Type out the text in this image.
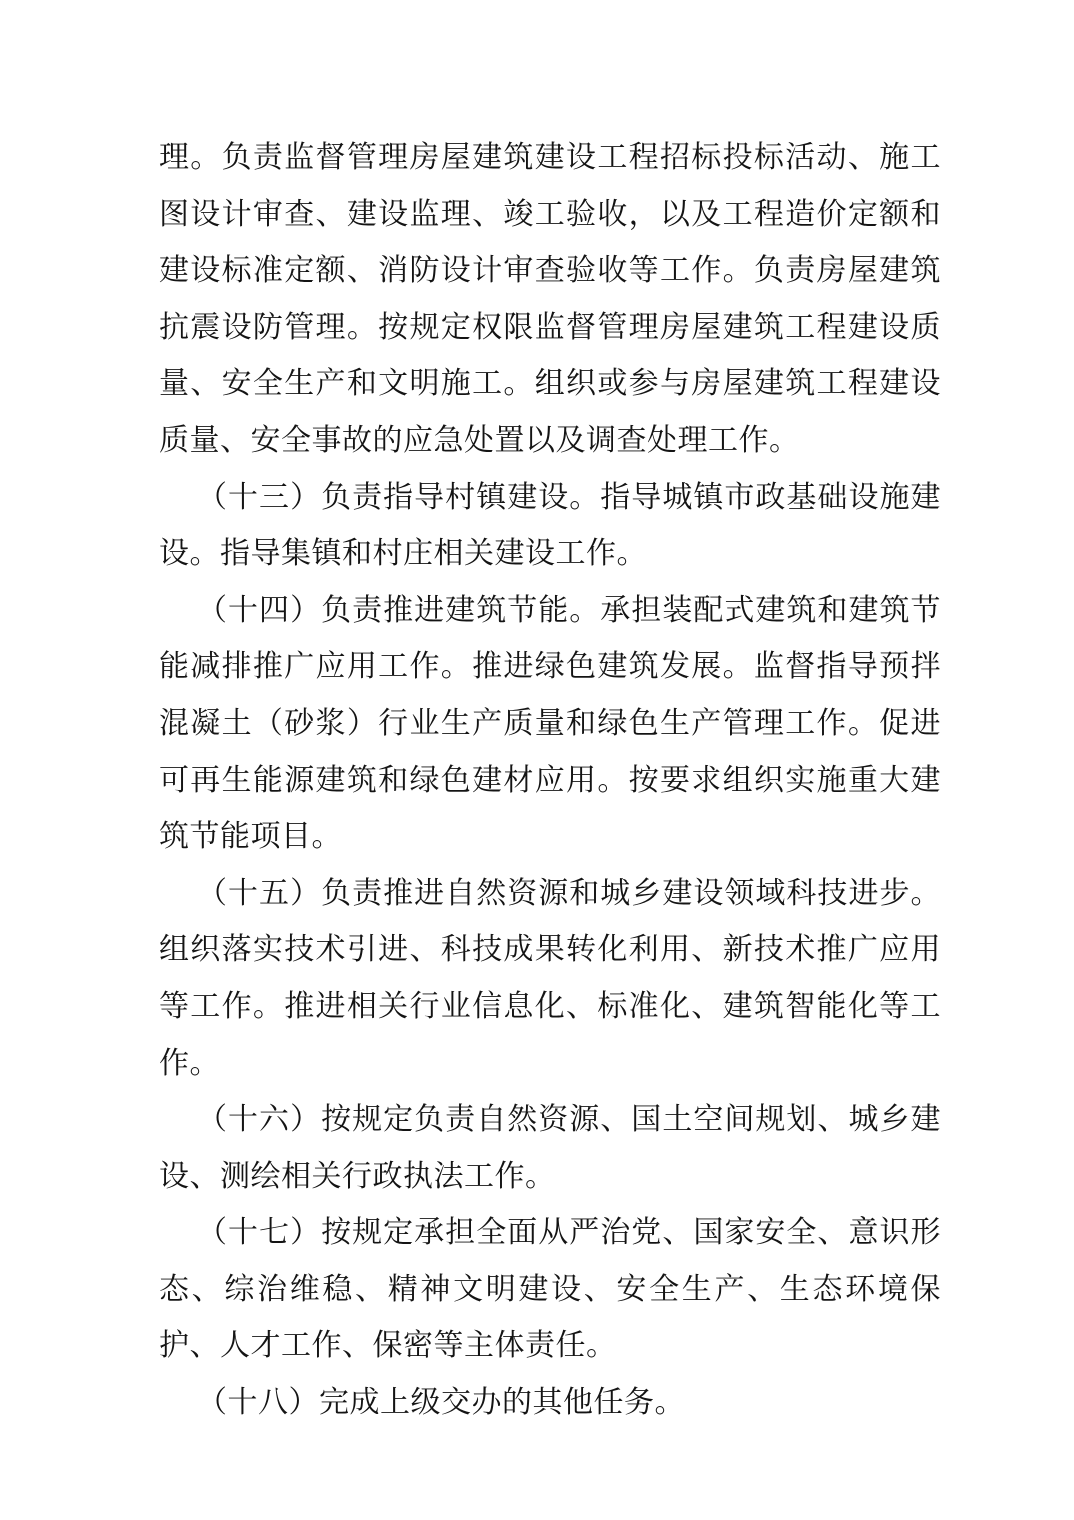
理。负责监督管理房屋建筑建设工程招标投标活动、施工图设计审查、建设监理、竣工验收，以及工程造价定额和建设标准定额、消防设计审查验收等工作。负责房屋建筑抗震设防管理。按规定权限监督管理房屋建筑工程建设质量、安全生产和文明施工。组织或参与房屋建筑工程建设质量、安全事故的应急处置以及调查处理工作。

（十三）负责指导村镇建设。指导城镇市政基础设施建设。指导集镇和村庄相关建设工作。

（十四）负责推进建筑节能。承担装配式建筑和建筑节能减排推广应用工作。推进绿色建筑发展。监督指导预拌混凝土（砂浆）行业生产质量和绿色生产管理工作。促进可再生能源建筑和绿色建材应用。按要求组织实施重大建筑节能项目。

（十五）负责推进自然资源和城乡建设领域科技进步。组织落实技术引进、科技成果转化利用、新技术推广应用等工作。推进相关行业信息化、标准化、建筑智能化等工作。

（十六）按规定负责自然资源、国土空间规划、城乡建设、测绘相关行政执法工作。

（十七）按规定承担全面从严治党、国家安全、意识形态、综治维稳、精神文明建设、安全生产、生态环境保护、人才工作、保密等主体责任。

（十八）完成上级交办的其他任务。
